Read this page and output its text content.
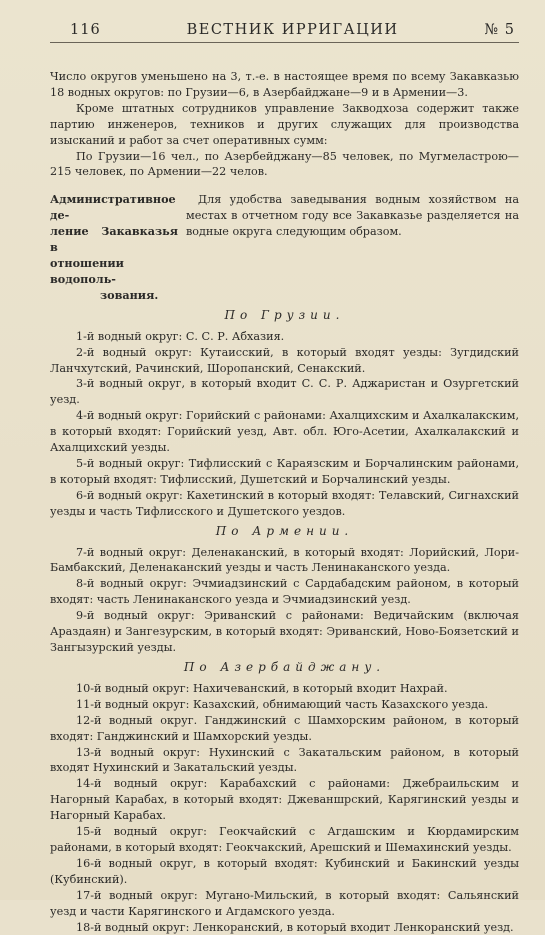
116	ВЕСТНИК ИРРИГАЦИИ	№ 5

Число округов уменьшено на 3, т.-е. в настоящее время по всему Закавказью 18 водных округов: по Грузии—6, в Азербайджане—9 и в Армении—3.

Кроме штатных сотрудников управление Закводхоза содержит также партию инженеров, техников и других служащих для производства изысканий и работ за счет оперативных сумм:

По Грузии—16 чел., по Азербейджану—85 человек, по Мугмеластрою—215 человек, по Армении—22 челов.

Административное де-
ление Закавказья в
отношении водополь-
зования.
Для удобства заведывания водным хозяйством на местах в отчетном году все Закавказье разделяется на водные округа следующим образом.
По Грузии.

1-й водный округ: С. С. Р. Абхазия.

2-й водный округ: Кутаисский, в который входят уезды: Зугдидский Ланчхутский, Рачинский, Шоропанский, Сенакский.

3-й водный округ, в который входит С. С. Р. Аджаристан и Озургетский уезд.

4-й водный округ: Горийский с районами: Ахалцихским и Ахалкалакским, в который входят: Горийский уезд, Авт. обл. Юго-Асетии, Ахалкалакский и Ахалцихский уезды.

5-й водный округ: Тифлисский с Караязским и Борчалинским районами, в который входят: Тифлисский, Душетский и Борчалинский уезды.

6-й водный округ: Кахетинский в который входят: Телавский, Сигнахский уезды и часть Тифлисского и Душетского уездов.

По Армении.

7-й водный округ: Деленаканский, в который входят: Лорийский, Лори-Бамбакский, Деленаканский уезды и часть Ленинаканского уезда.

8-й водный округ: Эчмиадзинский с Сардабадским районом, в который входят: часть Ленинаканского уезда и Эчмиадзинский уезд.

9-й водный округ: Эриванский с районами: Ведичайским (включая Араздаян) и Зангезурским, в который входят: Эриванский, Ново-Боязетский и Зангызурский уезды.

По Азербайджану.

10-й водный округ: Нахичеванский, в который входит Нахрай.

11-й водный округ: Казахский, обнимающий часть Казахского уезда.

12-й водный округ. Ганджинский с Шамхорским районом, в который входят: Ганджинский и Шамхорский уезды.

13-й водный округ: Нухинский с Закатальским районом, в который входят Нухинский и Закатальский уезды.

14-й водный округ: Карабахский с районами: Джебраильским и Нагорный Карабах, в который входят: Джеваншрский, Карягинский уезды и Нагорный Карабах.

15-й водный округ: Геокчайский с Агдашским и Кюрдамирским районами, в который входят: Геокчакский, Арешский и Шемахинский уезды.

16-й водный округ, в который входят: Кубинский и Бакинский уезды (Кубинский).

17-й водный округ: Мугано-Мильский, в который входят: Сальянский уезд и части Карягинского и Агдамского уезда.

18-й водный округ: Ленкоранский, в который входит Ленкоранский уезд.
